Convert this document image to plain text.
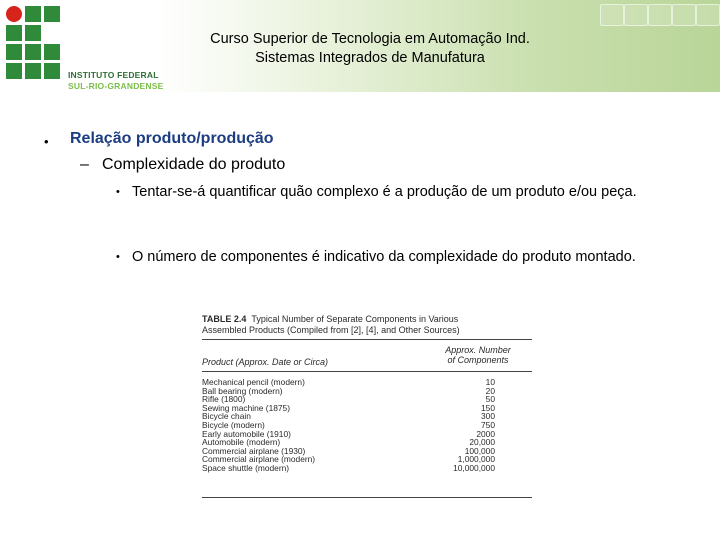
INSTITUTO FEDERAL
SUL-RIO-GRANDENSE
Curso Superior de Tecnologia em Automação Ind.
Sistemas Integrados de Manufatura
• Relação produto/produção
– Complexidade do produto
• Tentar-se-á quantificar quão complexo é a produção de um produto e/ou peça.
• O número de componentes é indicativo da complexidade do produto montado.
TABLE 2.4 Typical Number of Separate Components in Various
Assembled Products (Compiled from [2], [4], and Other Sources)
Product (Approx. Date or Circa)
Approx. Number
of Components
Mechanical pencil (modern)	10
Ball bearing (modern)	20
Rifle (1800)	50
Sewing machine (1875)	150
Bicycle chain	300
Bicycle (modern)	750
Early automobile (1910)	2000
Automobile (modern)	20,000
Commercial airplane (1930)	100,000
Commercial airplane (modern)	1,000,000
Space shuttle (modern)	10,000,000
